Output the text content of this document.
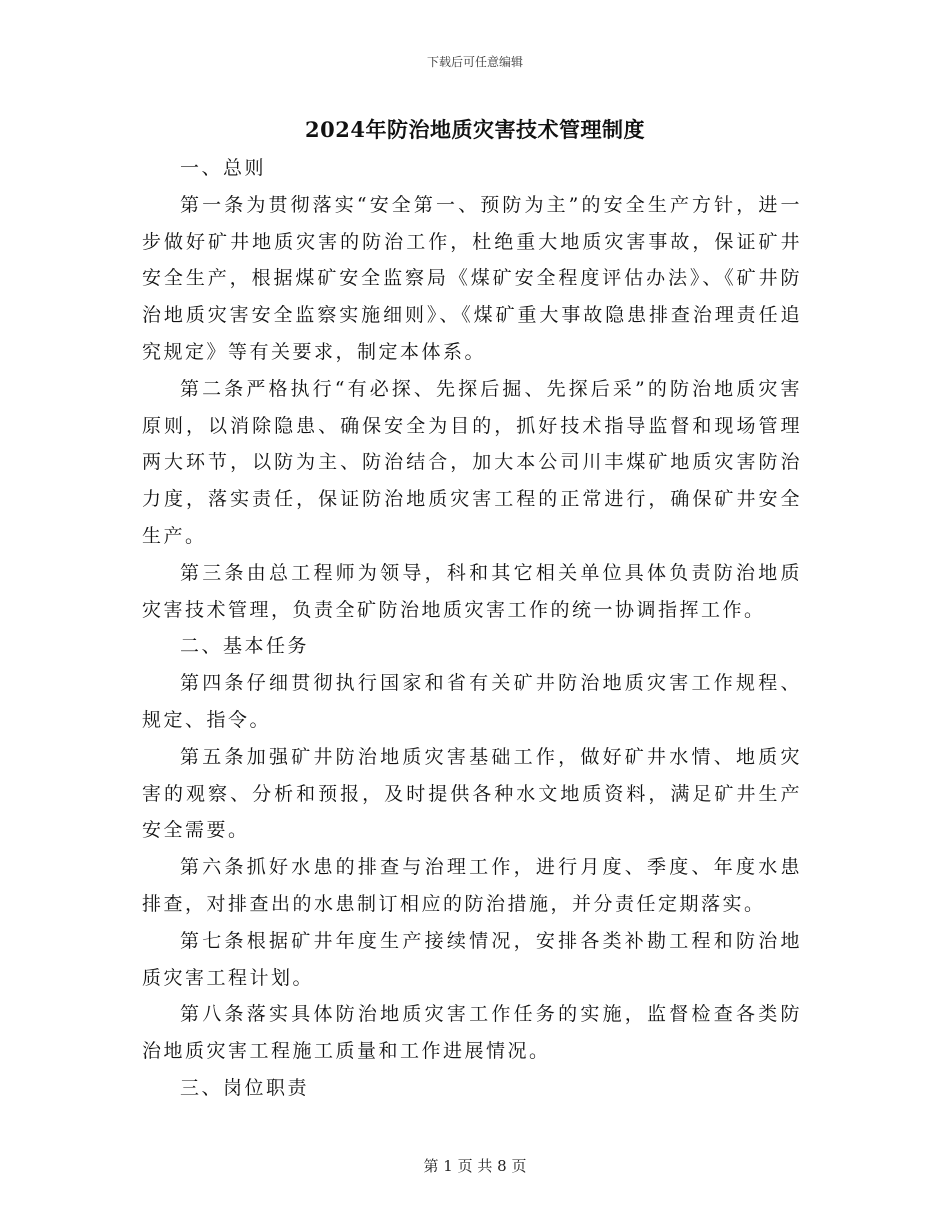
下载后可任意编辑
2024年防治地质灾害技术管理制度

一、总则

第一条为贯彻落实“安全第一、预防为主”的安全生产方针，进一步做好矿井地质灾害的防治工作，杜绝重大地质灾害事故，保证矿井安全生产，根据煤矿安全监察局《煤矿安全程度评估办法》、《矿井防治地质灾害安全监察实施细则》、《煤矿重大事故隐患排查治理责任追究规定》等有关要求，制定本体系。

第二条严格执行“有必探、先探后掘、先探后采”的防治地质灾害原则，以消除隐患、确保安全为目的，抓好技术指导监督和现场管理两大环节，以防为主、防治结合，加大本公司川丰煤矿地质灾害防治力度，落实责任，保证防治地质灾害工程的正常进行，确保矿井安全生产。

第三条由总工程师为领导，科和其它相关单位具体负责防治地质灾害技术管理，负责全矿防治地质灾害工作的统一协调指挥工作。

二、基本任务

第四条仔细贯彻执行国家和省有关矿井防治地质灾害工作规程、规定、指令。

第五条加强矿井防治地质灾害基础工作，做好矿井水情、地质灾害的观察、分析和预报，及时提供各种水文地质资料，满足矿井生产安全需要。

第六条抓好水患的排查与治理工作，进行月度、季度、年度水患排查，对排查出的水患制订相应的防治措施，并分责任定期落实。

第七条根据矿井年度生产接续情况，安排各类补勘工程和防治地质灾害工程计划。

第八条落实具体防治地质灾害工作任务的实施，监督检查各类防治地质灾害工程施工质量和工作进展情况。

三、岗位职责

第 1 页 共 8 页
